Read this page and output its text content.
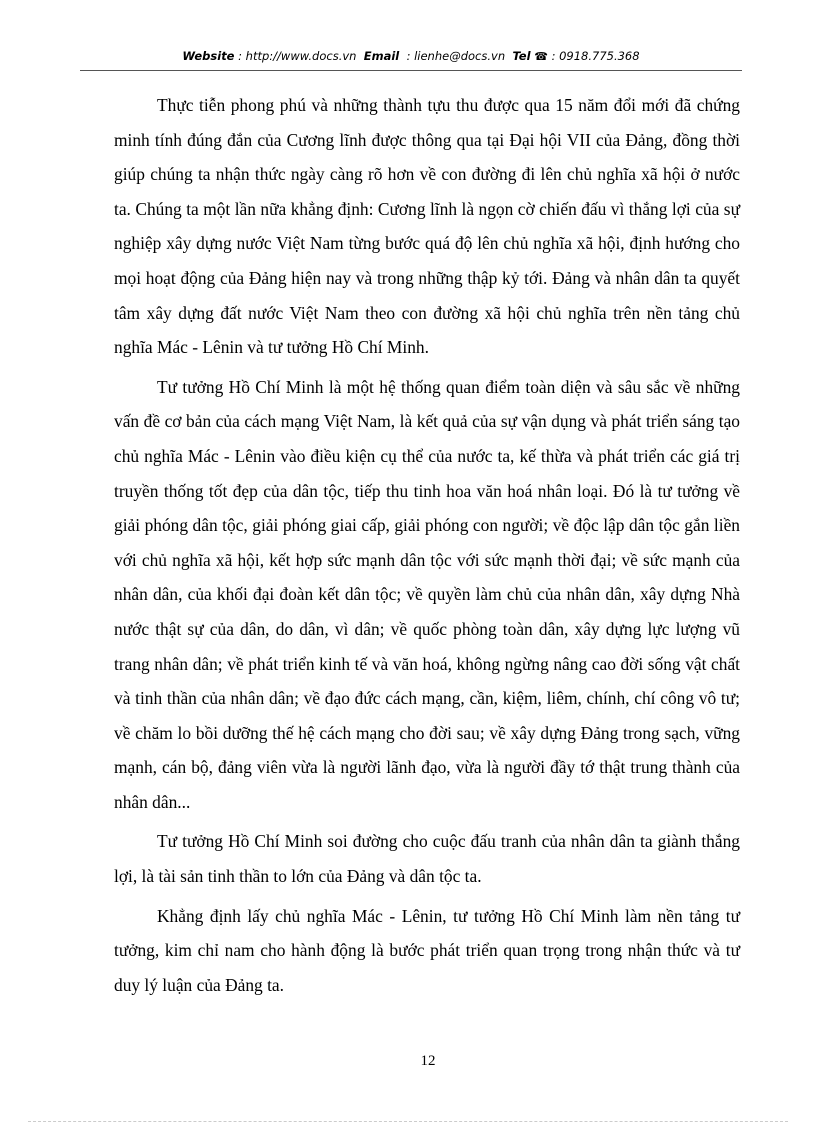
Website : http://www.docs.vn Email : lienhe@docs.vn Tel ☎ : 0918.775.368

Thực tiễn phong phú và những thành tựu thu được qua 15 năm đổi mới đã chứng minh tính đúng đắn của Cương lĩnh được thông qua tại Đại hội VII của Đảng, đồng thời giúp chúng ta nhận thức ngày càng rõ hơn về con đường đi lên chủ nghĩa xã hội ở nước ta. Chúng ta một lần nữa khẳng định: Cương lĩnh là ngọn cờ chiến đấu vì thắng lợi của sự nghiệp xây dựng nước Việt Nam từng bước quá độ lên chủ nghĩa xã hội, định hướng cho mọi hoạt động của Đảng hiện nay và trong những thập kỷ tới. Đảng và nhân dân ta quyết tâm xây dựng đất nước Việt Nam theo con đường xã hội chủ nghĩa trên nền tảng chủ nghĩa Mác - Lênin và tư tưởng Hồ Chí Minh.

Tư tưởng Hồ Chí Minh là một hệ thống quan điểm toàn diện và sâu sắc về những vấn đề cơ bản của cách mạng Việt Nam, là kết quả của sự vận dụng và phát triển sáng tạo chủ nghĩa Mác - Lênin vào điều kiện cụ thể của nước ta, kế thừa và phát triển các giá trị truyền thống tốt đẹp của dân tộc, tiếp thu tinh hoa văn hoá nhân loại. Đó là tư tưởng về giải phóng dân tộc, giải phóng giai cấp, giải phóng con người; về độc lập dân tộc gắn liền với chủ nghĩa xã hội, kết hợp sức mạnh dân tộc với sức mạnh thời đại; về sức mạnh của nhân dân, của khối đại đoàn kết dân tộc; về quyền làm chủ của nhân dân, xây dựng Nhà nước thật sự của dân, do dân, vì dân; về quốc phòng toàn dân, xây dựng lực lượng vũ trang nhân dân; về phát triển kinh tế và văn hoá, không ngừng nâng cao đời sống vật chất và tinh thần của nhân dân; về đạo đức cách mạng, cần, kiệm, liêm, chính, chí công vô tư; về chăm lo bồi dưỡng thế hệ cách mạng cho đời sau; về xây dựng Đảng trong sạch, vững mạnh, cán bộ, đảng viên vừa là người lãnh đạo, vừa là người đầy tớ thật trung thành của nhân dân...

Tư tưởng Hồ Chí Minh soi đường cho cuộc đấu tranh của nhân dân ta giành thắng lợi, là tài sản tinh thần to lớn của Đảng và dân tộc ta.

Khẳng định lấy chủ nghĩa Mác - Lênin, tư tưởng Hồ Chí Minh làm nền tảng tư tưởng, kim chỉ nam cho hành động là bước phát triển quan trọng trong nhận thức và tư duy lý luận của Đảng ta.

12
